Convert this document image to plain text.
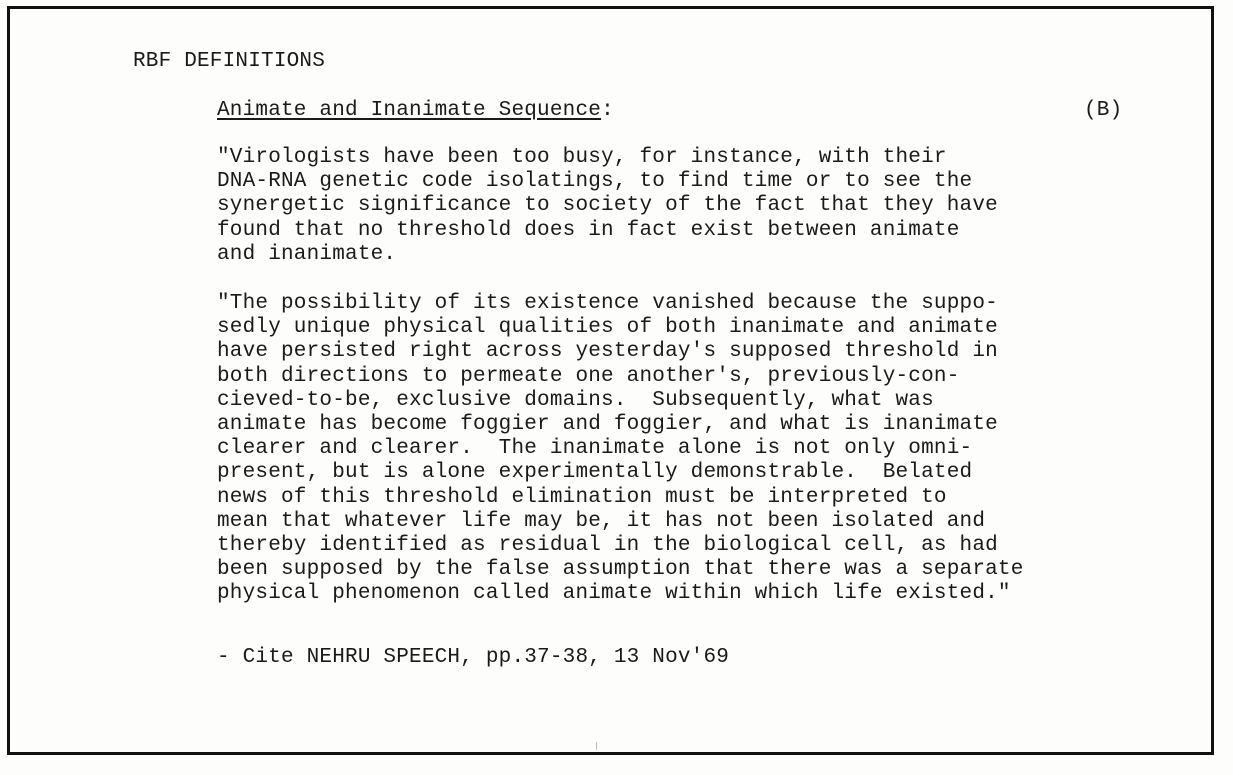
RBF DEFINITIONS
Animate and Inanimate Sequence:	(B)

"Virologists have been too busy, for instance, with their
DNA-RNA genetic code isolatings, to find time or to see the
synergetic significance to society of the fact that they have
found that no threshold does in fact exist between animate
and inanimate.

"The possibility of its existence vanished because the suppo-
sedly unique physical qualities of both inanimate and animate
have persisted right across yesterday's supposed threshold in
both directions to permeate one another's, previously-con-
cieved-to-be, exclusive domains.  Subsequently, what was
animate has become foggier and foggier, and what is inanimate
clearer and clearer.  The inanimate alone is not only omni-
present, but is alone experimentally demonstrable.  Belated
news of this threshold elimination must be interpreted to
mean that whatever life may be, it has not been isolated and
thereby identified as residual in the biological cell, as had
been supposed by the false assumption that there was a separate
physical phenomenon called animate within which life existed."

- Cite NEHRU SPEECH, pp.37-38, 13 Nov'69
